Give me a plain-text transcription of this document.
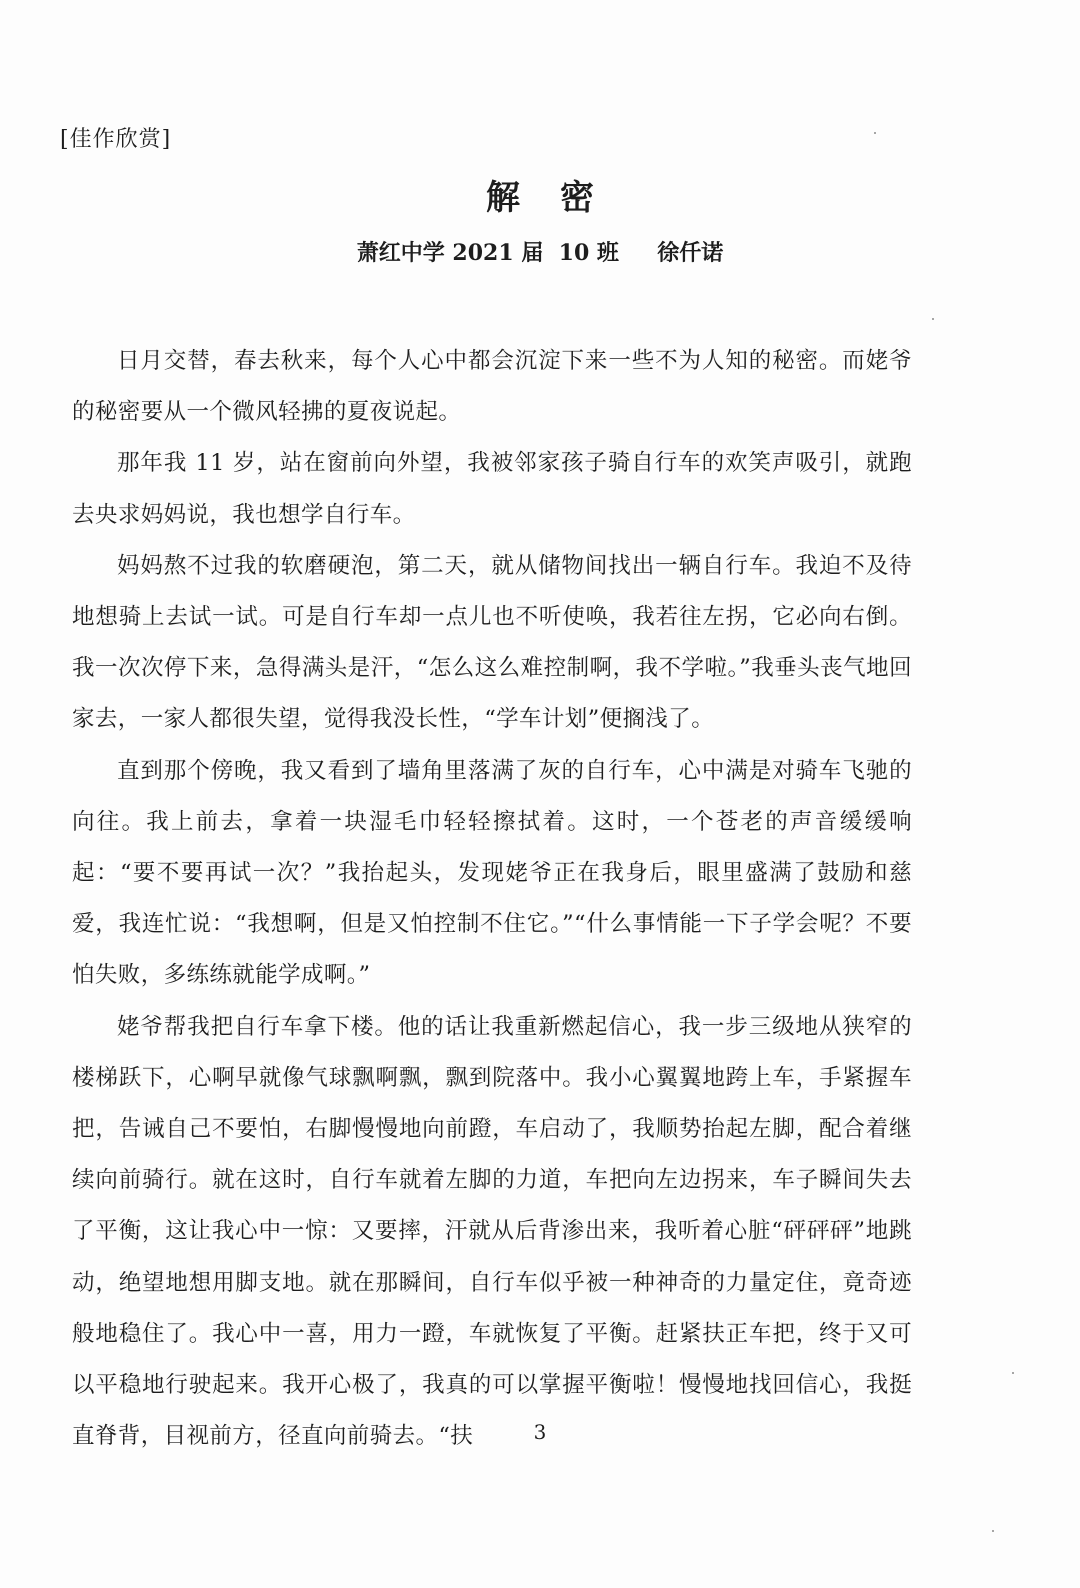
[佳作欣赏]
解密
萧红中学 2021 届  10 班     徐仟诺

日月交替，春去秋来，每个人心中都会沉淀下来一些不为人知的秘密。而姥爷的秘密要从一个微风轻拂的夏夜说起。

那年我 11 岁，站在窗前向外望，我被邻家孩子骑自行车的欢笑声吸引，就跑去央求妈妈说，我也想学自行车。

妈妈熬不过我的软磨硬泡，第二天，就从储物间找出一辆自行车。我迫不及待地想骑上去试一试。可是自行车却一点儿也不听使唤，我若往左拐，它必向右倒。我一次次停下来，急得满头是汗，“怎么这么难控制啊，我不学啦。”我垂头丧气地回家去，一家人都很失望，觉得我没长性，“学车计划”便搁浅了。

直到那个傍晚，我又看到了墙角里落满了灰的自行车，心中满是对骑车飞驰的向往。我上前去，拿着一块湿毛巾轻轻擦拭着。这时，一个苍老的声音缓缓响起：“要不要再试一次？”我抬起头，发现姥爷正在我身后，眼里盛满了鼓励和慈爱，我连忙说：“我想啊，但是又怕控制不住它。”“什么事情能一下子学会呢？不要怕失败，多练练就能学成啊。”

姥爷帮我把自行车拿下楼。他的话让我重新燃起信心，我一步三级地从狭窄的楼梯跃下，心啊早就像气球飘啊飘，飘到院落中。我小心翼翼地跨上车，手紧握车把，告诫自己不要怕，右脚慢慢地向前蹬，车启动了，我顺势抬起左脚，配合着继续向前骑行。就在这时，自行车就着左脚的力道，车把向左边拐来，车子瞬间失去了平衡，这让我心中一惊：又要摔，汗就从后背渗出来，我听着心脏“砰砰砰”地跳动，绝望地想用脚支地。就在那瞬间，自行车似乎被一种神奇的力量定住，竟奇迹般地稳住了。我心中一喜，用力一蹬，车就恢复了平衡。赶紧扶正车把，终于又可以平稳地行驶起来。我开心极了，我真的可以掌握平衡啦！慢慢地找回信心，我挺直脊背，目视前方，径直向前骑去。“扶	3
